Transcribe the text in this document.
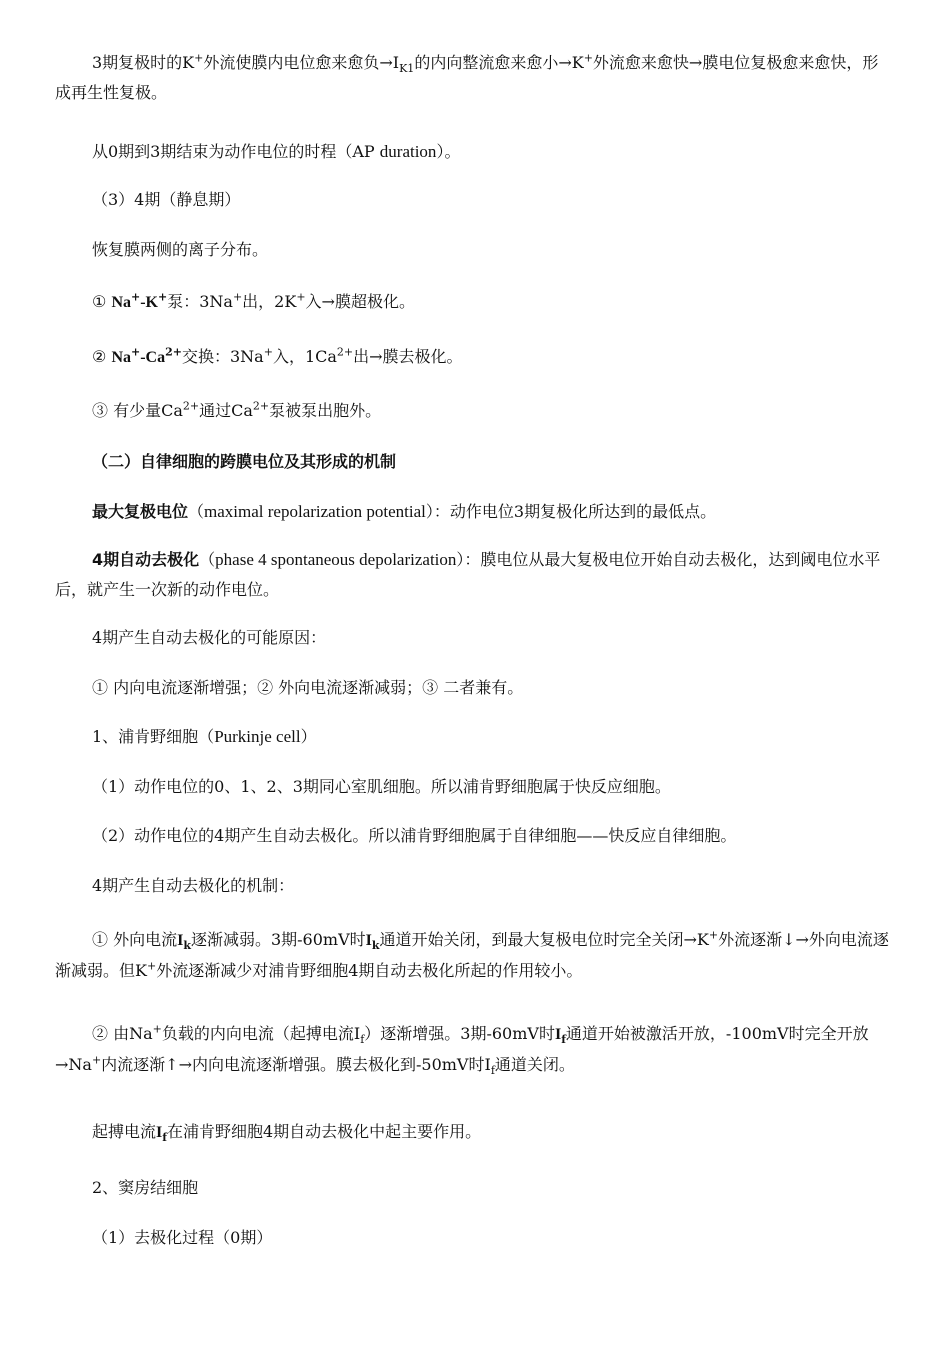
3期复极时的K+外流使膜内电位愈来愈负$\to I_{K1}$的内向整流愈来愈小→K+外流愈来愈快→膜电位复极愈来愈快，形成再生性复极。

从0期到3期结束为动作电位的时程（AP duration）。

（3）4期（静息期）

恢复膜两侧的离子分布。

① Na+-K+泵：3Na+出，2K+入→膜超极化。

② $Na^+-Ca^{2+}$交换：3Na+入，$1Ca^{2+}$出→膜去极化。

③ 有少量$Ca^{2+}$通过$Ca^{2+}$泵被泵出胞外。

（二）自律细胞的跨膜电位及其形成的机制

最大复极电位（maximal repolarization potential）：动作电位3期复极化所达到的最低点。

4期自动去极化（phase 4 spontaneous depolarization）：膜电位从最大复极电位开始自动去极化，达到阈电位水平后，就产生一次新的动作电位。

4期产生自动去极化的可能原因：

① 内向电流逐渐增强；② 外向电流逐渐减弱；③ 二者兼有。

1、浦肯野细胞（Purkinje cell）

（1）动作电位的0、1、2、3期同心室肌细胞。所以浦肯野细胞属于快反应细胞。

（2）动作电位的4期产生自动去极化。所以浦肯野细胞属于自律细胞——快反应自律细胞。

4期产生自动去极化的机制：

① 外向电流$I_k$逐渐减弱。3期-60mV时$I_k$通道开始关闭，到最大复极电位时完全关闭→K+外流逐渐↓→外向电流逐渐减弱。但K+外流逐渐减少对浦肯野细胞4期自动去极化所起的作用较小。

② 由Na+负载的内向电流（起搏电流$I_f$）逐渐增强。3期-60mV时$I_f$通道开始被激活开放，-100mV时完全开放→Na+内流逐渐↑→内向电流逐渐增强。膜去极化到-50mV时$I_f$通道关闭。

起搏电流$I_f$在浦肯野细胞4期自动去极化中起主要作用。

2、窦房结细胞

（1）去极化过程（0期）
